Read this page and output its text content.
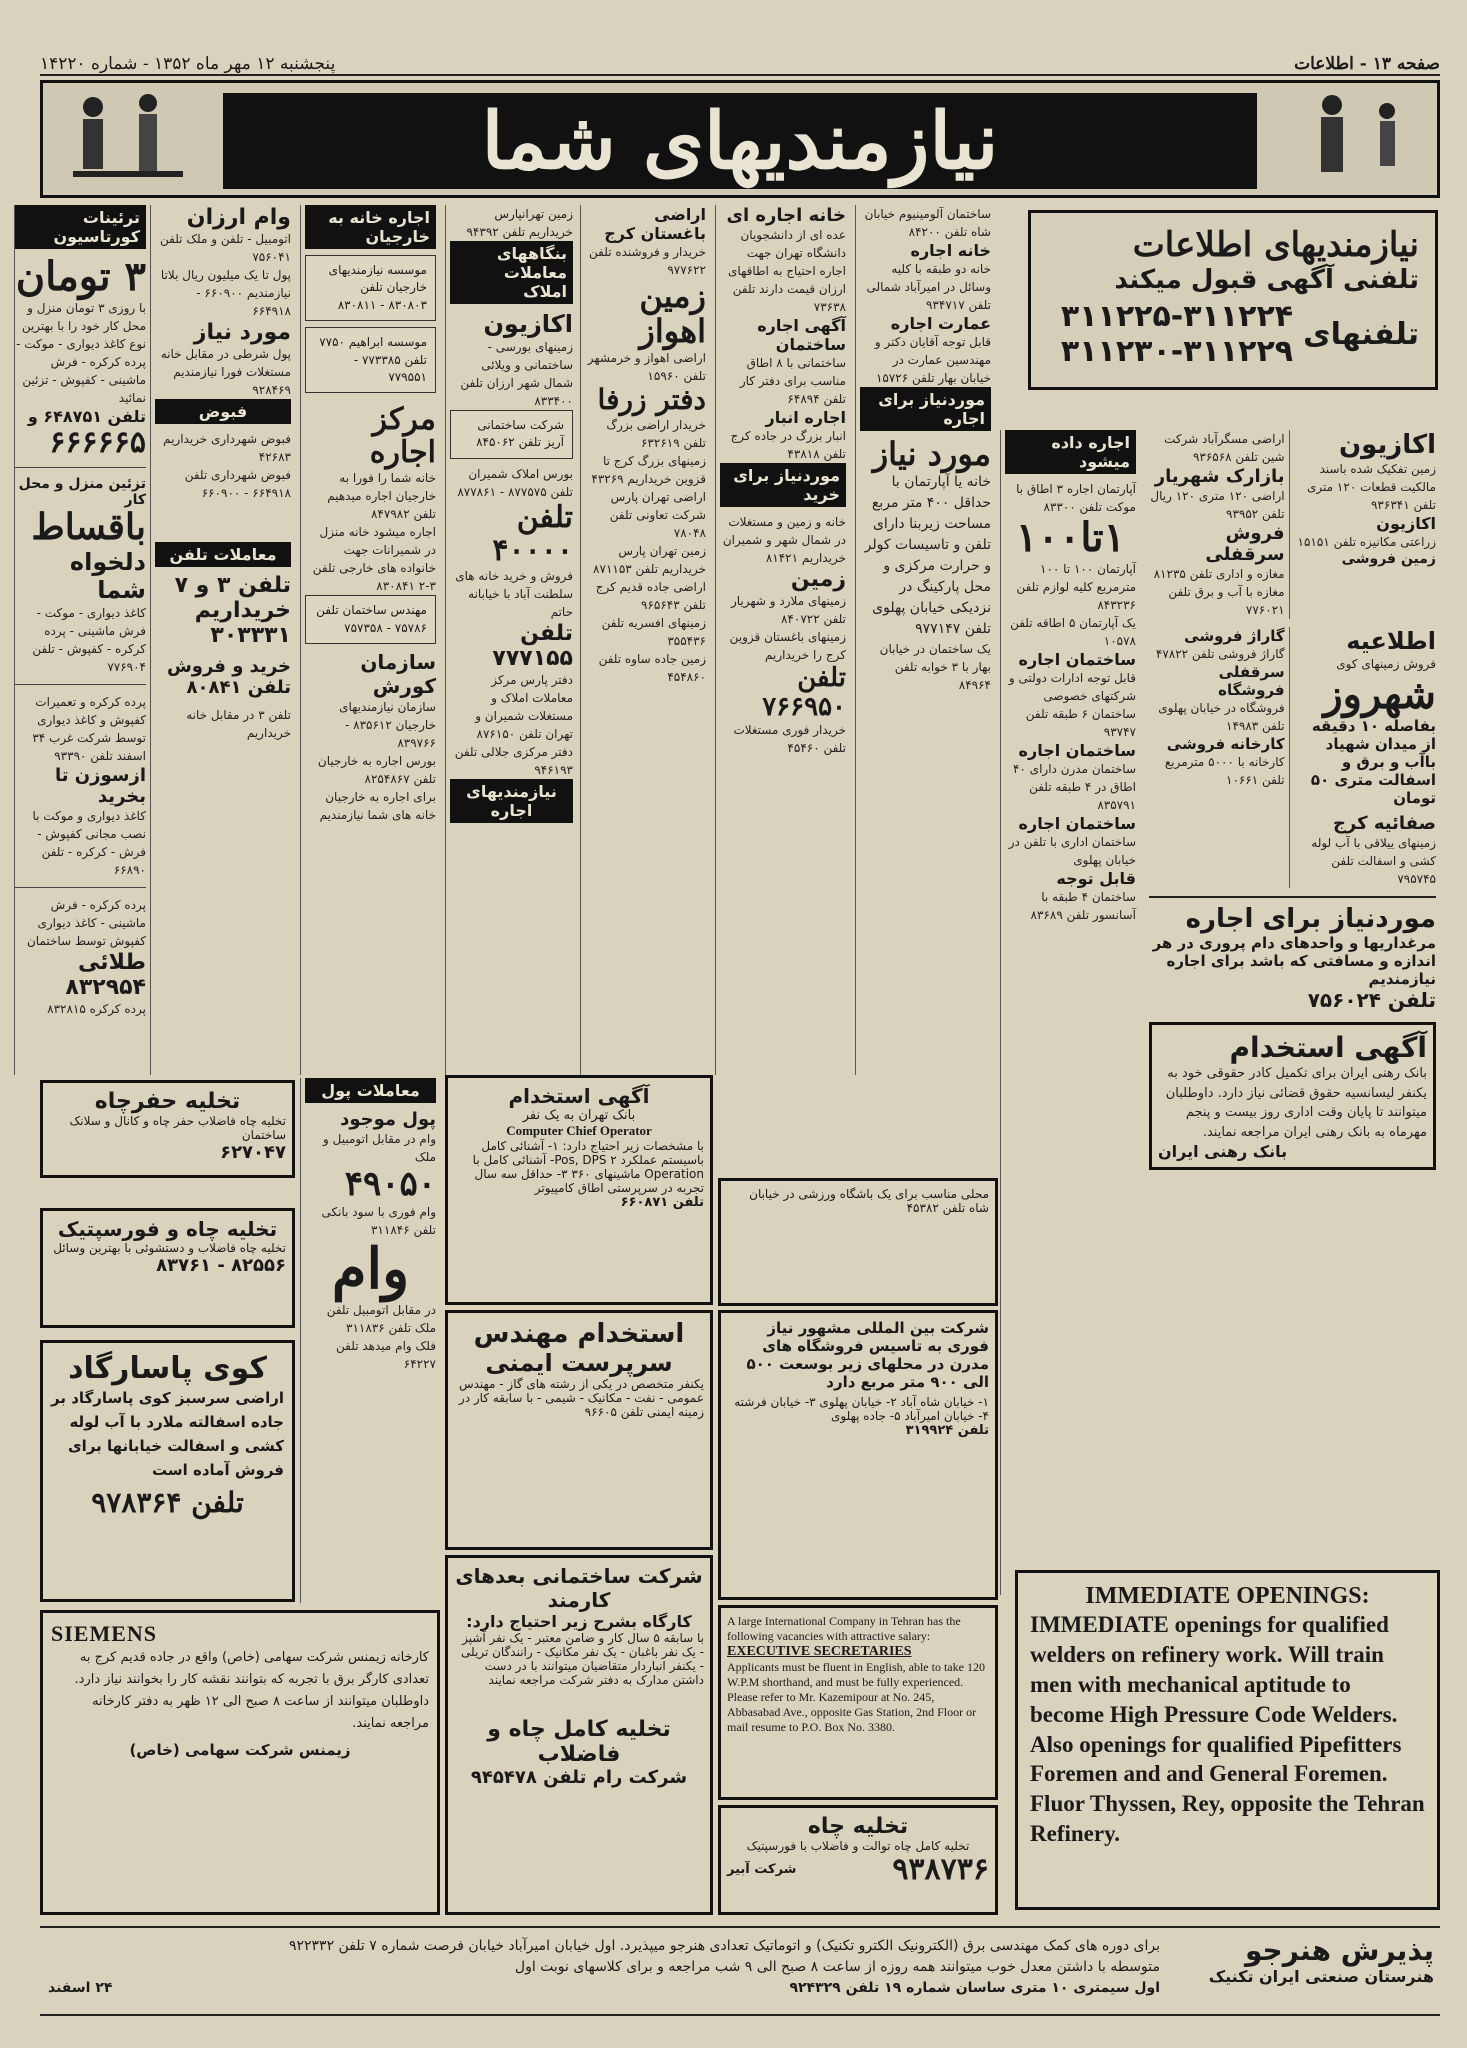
پنجشنبه ۱۲ مهر ماه ۱۳۵۲ - شماره ۱۴۲۲۰	صفحه ۱۳ - اطلاعات
نیازمندیهای شما
نیازمندیهای اطلاعات
تلفنی آگهی قبول میکند
تلفنهای
۳۱۱۲۲۵-۳۱۱۲۲۴
۳۱۱۲۳۰-۳۱۱۲۲۹
ترئینات کورتاسیون
۳ تومان
با روزی ۳ تومان منزل و محل کار خود را با بهترین نوع کاغذ دیواری - موکت - پرده کرکره - فرش ماشینی - کفپوش - تزئین نمائید
تلفن ۶۴۸۷۵۱ و
۶۶۶۶۶۵
تزئین منزل و محل کار
باقساط
دلخواه شما
کاغذ دیواری - موکت - فرش ماشینی - پرده کرکره - کفپوش - تلفن ۷۷۶۹۰۴
پرده کرکره و تعمیرات کفپوش و کاغذ دیواری توسط شرکت غرب ۳۴ اسفند تلفن ۹۳۳۹۰
ازسوزن تا بخرید
کاغذ دیواری و موکت با نصب مجانی کفپوش - فرش - کرکره - تلفن ۶۶۸۹۰
پرده کرکره - فرش ماشینی - کاغذ دیواری کفپوش توسط ساختمان
طلائی ۸۳۲۹۵۴
پرده کرکره ۸۳۲۸۱۵
وام ارزان
اتومبیل - تلفن و ملک تلفن ۷۵۶۰۴۱
پول تا یک میلیون ریال بلاتا نیازمندیم ۶۶۰۹۰۰ - ۶۶۴۹۱۸
مورد نیاز
پول شرطی در مقابل خانه مستغلات فورا نیازمندیم ۹۲۸۴۶۹
فبوض
فبوض شهرداری خریداریم ۴۲۶۸۳
فبوض شهرداری تلفن ۶۶۴۹۱۸ - ۶۶۰۹۰۰
معاملات تلفن
تلفن ۳ و ۷ خریداریم ۳۰۳۳۳۱
خرید و فروش تلفن ۸۰۸۴۱
تلفن ۳ در مقابل خانه خریداریم
اجاره خانه به خارجیان
موسسه نیازمندیهای خارجیان تلفن ۸۳۰۸۰۳ - ۸۳۰۸۱۱
موسسه ابراهیم ۷۷۵۰ تلفن ۷۷۳۳۸۵ - ۷۷۹۵۵۱
مرکز اجاره
خانه شما را فورا به خارجیان اجاره میدهیم تلفن ۸۴۷۹۸۲
اجاره میشود خانه منزل در شمیرانات جهت خانواده های خارجی تلفن ۳-۲ ۸۳۰۸۴۱
مهندس ساختمان تلفن ۷۵۷۸۶ - ۷۵۷۳۵۸
سازمان کورش
سازمان نیازمندیهای خارجیان ۸۳۵۶۱۲ - ۸۳۹۷۶۶
بورس اجاره به خارجیان تلفن ۸۲۵۴۸۶۷
برای اجاره به خارجیان خانه های شما نیازمندیم
زمین تهرانپارس خریداریم تلفن ۹۴۳۹۲
بنگاههای معاملات املاک
اکازیون
زمینهای بورسی - ساختمانی و ویلائی شمال شهر ارزان تلفن ۸۳۳۴۰۰
شرکت ساختمانی آریز تلفن ۸۴۵۰۶۲
بورس املاک شمیران تلفن ۸۷۷۵۷۵ - ۸۷۷۸۶۱
تلفن ۴۰۰۰۰
فروش و خرید خانه های سلطنت آباد با خیابانه حاتم
تلفن ۷۷۷۱۵۵
دفتر پارس مرکز معاملات املاک و مستغلات شمیران و تهران تلفن ۸۷۶۱۵۰
دفتر مرکزی جلالی تلفن ۹۴۶۱۹۳
نیازمندیهای اجاره
اراضی باغستان کرج
خریدار و فروشنده تلفن ۹۷۷۶۲۲
زمین اهواز
اراضی اهواز و خرمشهر تلفن ۱۵۹۶۰
دفتر زرفا
خریدار اراضی بزرگ تلفن ۶۳۲۶۱۹
زمینهای بزرگ کرج تا قزوین خریداریم ۴۳۲۶۹
اراضی تهران پارس شرکت تعاونی تلفن ۷۸۰۴۸
زمین تهران پارس خریداریم تلفن ۸۷۱۱۵۳
اراضی جاده قدیم کرج تلفن ۹۶۵۶۴۳
زمینهای افسریه تلفن ۳۵۵۴۳۶
زمین جاده ساوه تلفن ۴۵۴۸۶۰
خانه اجاره ای
عده ای از دانشجویان دانشگاه تهران جهت اجاره احتیاج به اطاقهای ارزان قیمت دارند تلفن ۷۳۶۳۸
آگهی اجاره ساختمان
ساختمانی با ۸ اطاق مناسب برای دفتر کار تلفن ۶۴۸۹۴
اجاره انبار
انبار بزرگ در جاده کرج تلفن ۴۳۸۱۸
موردنیاز برای خرید
خانه و زمین و مستغلات در شمال شهر و شمیران خریداریم ۸۱۴۲۱
زمین
زمینهای ملارد و شهریار تلفن ۸۴۰۷۲۲
زمینهای باغستان قزوین کرج را خریداریم
تلفن ۷۶۶۹۵۰
خریدار فوری مستغلات تلفن ۴۵۴۶۰
ساختمان آلومینیوم خیابان شاه تلفن ۸۴۲۰۰
خانه اجاره
خانه دو طبقه با کلیه وسائل در امیرآباد شمالی تلفن ۹۳۴۷۱۷
عمارت اجاره
قابل توجه آقایان دکتر و مهندسین عمارت در خیابان بهار تلفن ۱۵۷۲۶
موردنیاز برای اجاره
مورد نیاز
خانه یا آپارتمان با حداقل ۴۰۰ متر مربع مساحت زیربنا دارای تلفن و تاسیسات کولر و حرارت مرکزی و محل پارکینگ در نزدیکی خیابان پهلوی تلفن ۹۷۷۱۴۷
یک ساختمان در خیابان بهار با ۳ خوابه تلفن ۸۴۹۶۴
اجاره داده میشود
آپارتمان اجاره ۳ اطاق با موکت تلفن ۸۳۳۰۰
۱تا۱۰۰
آپارتمان ۱۰۰ تا ۱۰۰ مترمربع کلیه لوازم تلفن ۸۴۳۲۳۶
یک آپارتمان ۵ اطاقه تلفن ۱۰۵۷۸
ساختمان اجاره
قابل توجه ادارات دولتی و شرکتهای خصوصی ساختمان ۶ طبقه تلفن ۹۳۷۴۷
ساختمان اجاره
ساختمان مدرن دارای ۴۰ اطاق در ۴ طبقه تلفن ۸۳۵۷۹۱
ساختمان اجاره
ساختمان اداری با تلفن در خیابان پهلوی
قابل توجه
ساختمان ۴ طبقه با آسانسور تلفن ۸۳۶۸۹
اکازیون
زمین تفکیک شده باسند مالکیت قطعات ۱۲۰ متری تلفن ۹۳۶۳۴۱
اکازیون
زراعتی مکانیزه تلفن ۱۵۱۵۱
زمین فروشی
اراضی مسگرآباد شرکت شین تلفن ۹۳۶۵۶۸
بازارک شهریار
اراضی ۱۲۰ متری ۱۲۰ ریال تلفن ۹۳۹۵۲
فروش سرقفلی
مغازه و اداری تلفن ۸۱۲۳۵
مغازه با آب و برق تلفن ۷۷۶۰۲۱
اطلاعیه
فروش زمینهای کوی
شهروز
بفاصله ۱۰ دقیقه از میدان شهیاد باآب و برق و اسفالت متری ۵۰ تومان
صفائیه کرج
زمینهای ییلاقی با آب لوله کشی و اسفالت تلفن ۷۹۵۷۴۵
گاراژ فروشی
گاراژ فروشی تلفن ۴۷۸۲۲
سرقفلی فروشگاه
فروشگاه در خیابان پهلوی تلفن ۱۴۹۸۳
کارخانه فروشی
کارخانه با ۵۰۰۰ مترمربع تلفن ۱۰۶۶۱
موردنیاز برای اجاره
مرغداریها و واحدهای دام پروری در هر اندازه و مسافتی که باشد برای اجاره نیازمندیم
تلفن ۷۵۶۰۲۴
آگهی استخدام
بانک رهنی ایران برای تکمیل کادر حقوقی خود به یکنفر لیسانسیه حقوق قضائی نیاز دارد. داوطلبان میتوانند تا پایان وقت اداری روز بیست و پنجم مهرماه به بانک رهنی ایران مراجعه نمایند.
بانک رهنی ایران
تخلیه حفرچاه
تخلیه چاه فاضلاب حفر چاه و کانال و سلانک ساختمان
۶۲۷۰۴۷
تخلیه چاه و فورسپتیک
تخلیه چاه فاضلاب و دستشوئی با بهترین وسائل
۸۲۵۵۶ - ۸۳۷۶۱
کوی پاسارگاد
اراضی سرسبز کوی پاسارگاد بر جاده اسفالته ملارد با آب لوله کشی و اسفالت خیابانها برای فروش آماده است
تلفن ۹۷۸۳۶۴
معاملات پول
پول موجود
وام در مقابل اتومبیل و ملک
۴۹۰۵۰
وام فوری با سود بانکی تلفن ۳۱۱۸۴۶
وام
در مقابل اتومبیل تلفن ملک تلفن ۳۱۱۸۳۶
فلک وام میدهد تلفن ۶۴۲۲۷
آگهی استخدام
بانک تهران به یک نفر
Computer Chief Operator
با مشخصات زیر احتیاج دارد: ۱- آشنائی کامل باسیستم عملکرد Pos, DPS ۲- آشنائی کامل با Operation ماشینهای ۳۶۰ ۳- حداقل سه سال تجربه در سرپرستی اطاق کامپیوتر
تلفن ۶۶۰۸۷۱
استخدام مهندس
سرپرست ایمنی
یکنفر متخصص در یکی از رشته های گاز - مهندس عمومی - نفت - مکانیک - شیمی - با سابقه کار در زمینه ایمنی تلفن ۹۶۶۰۵
شرکت ساختمانی بعدهای کارمند
کارگاه بشرح زیر احتیاج دارد:
با سابقه ۵ سال کار و ضامن معتبر - یک نفر آشپز - یک نفر باغبان - یک نفر مکانیک - رانندگان تریلی - یکنفر انباردار متقاضیان میتوانند با در دست داشتن مدارک به دفتر شرکت مراجعه نمایند
تخلیه کامل چاه و فاضلاب
شرکت رام تلفن ۹۴۵۴۷۸
محلی مناسب برای یک باشگاه ورزشی در خیابان شاه تلفن ۴۵۳۸۲
شرکت بین المللی مشهور نیاز فوری به تاسیس فروشگاه های مدرن در محلهای زیر بوسعت ۵۰۰ الی ۹۰۰ متر مربع دارد
۱- خیابان شاه آباد ۲- خیابان پهلوی ۳- خیابان فرشته ۴- خیابان امیرآباد ۵- جاده پهلوی
تلفن ۳۱۹۹۲۴
A large International Company in Tehran has the following vacancies with attractive salary:
EXECUTIVE SECRETARIES
Applicants must be fluent in English, able to take 120 W.P.M shorthand, and must be fully experienced. Please refer to Mr. Kazemipour at No. 245, Abbasabad Ave., opposite Gas Station, 2nd Floor or mail resume to P.O. Box No. 3380.
تخلیه چاه
تخلیه کامل چاه توالت و فاضلاب با فورسپتیک
۹۳۸۷۳۶
شرکت آبیر
SIEMENS
کارخانه زیمنس شرکت سهامی (خاص) واقع در جاده قدیم کرج به تعدادی کارگر برق با تجربه که بتوانند نقشه کار را بخوانند نیاز دارد. داوطلبان میتوانند از ساعت ۸ صبح الی ۱۲ ظهر به دفتر کارخانه مراجعه نمایند.
زیمنس شرکت سهامی (خاص)
IMMEDIATE OPENINGS:
IMMEDIATE openings for qualified welders on refinery work. Will train men with mechanical aptitude to become High Pressure Code Welders. Also openings for qualified Pipefitters Foremen and and General Foremen. Fluor Thyssen, Rey, opposite the Tehran Refinery.
پذیرش هنرجو
هنرستان صنعتی ایران تکنیک
برای دوره های کمک مهندسی برق (الکترونیک الکترو تکنیک) و اتوماتیک تعدادی هنرجو میپذیرد. اول خیابان امیرآباد خیابان فرصت شماره ۷ تلفن ۹۲۲۳۳۲
متوسطه با داشتن معدل خوب میتوانند همه روزه از ساعت ۸ صبح الی ۹ شب مراجعه و برای کلاسهای نوبت اول
اول سیمتری ۱۰ متری ساسان شماره ۱۹ تلفن ۹۲۴۳۲۹
۲۴ اسفند
